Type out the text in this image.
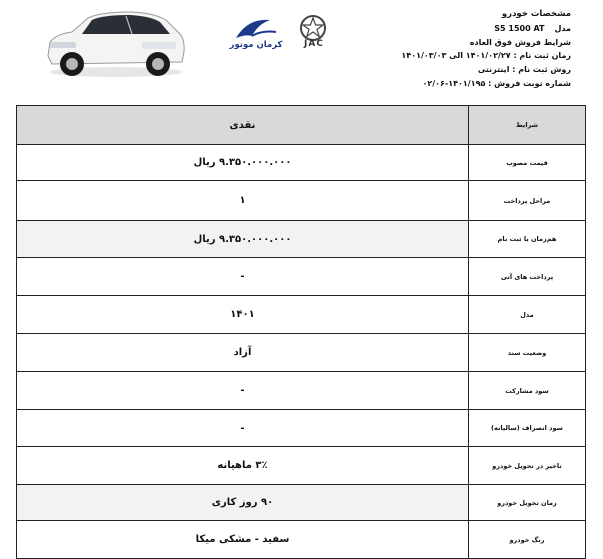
کرمان موتور	JAC
مشخصات خودرو
مدل
S5 1500 AT
شرایط فروش فوق العاده
زمان ثبت نام : ۱۴۰۱/۰۲/۲۷ الی ۱۴۰۱/۰۳/۰۳
روش ثبت نام : اینترنتی
شماره نوبت فروش : ۱۴۰۱/۱۹۵-۰۲/۰۶
شرایط	نقدی
قیمت مصوب	۹.۳۵۰.۰۰۰.۰۰۰ ریال
مراحل پرداخت	۱
هم‌زمان با ثبت نام	۹.۳۵۰.۰۰۰.۰۰۰ ریال
پرداخت های آتی	-
مدل	۱۴۰۱
وضعیت سند	آزاد
سود مشارکت	-
سود انصراف (سالیانه)	-
تاخیر در تحویل خودرو	۳٪ ماهیانه
زمان تحویل خودرو	۹۰ روز کاری
رنگ خودرو	سفید - مشکی میکا
